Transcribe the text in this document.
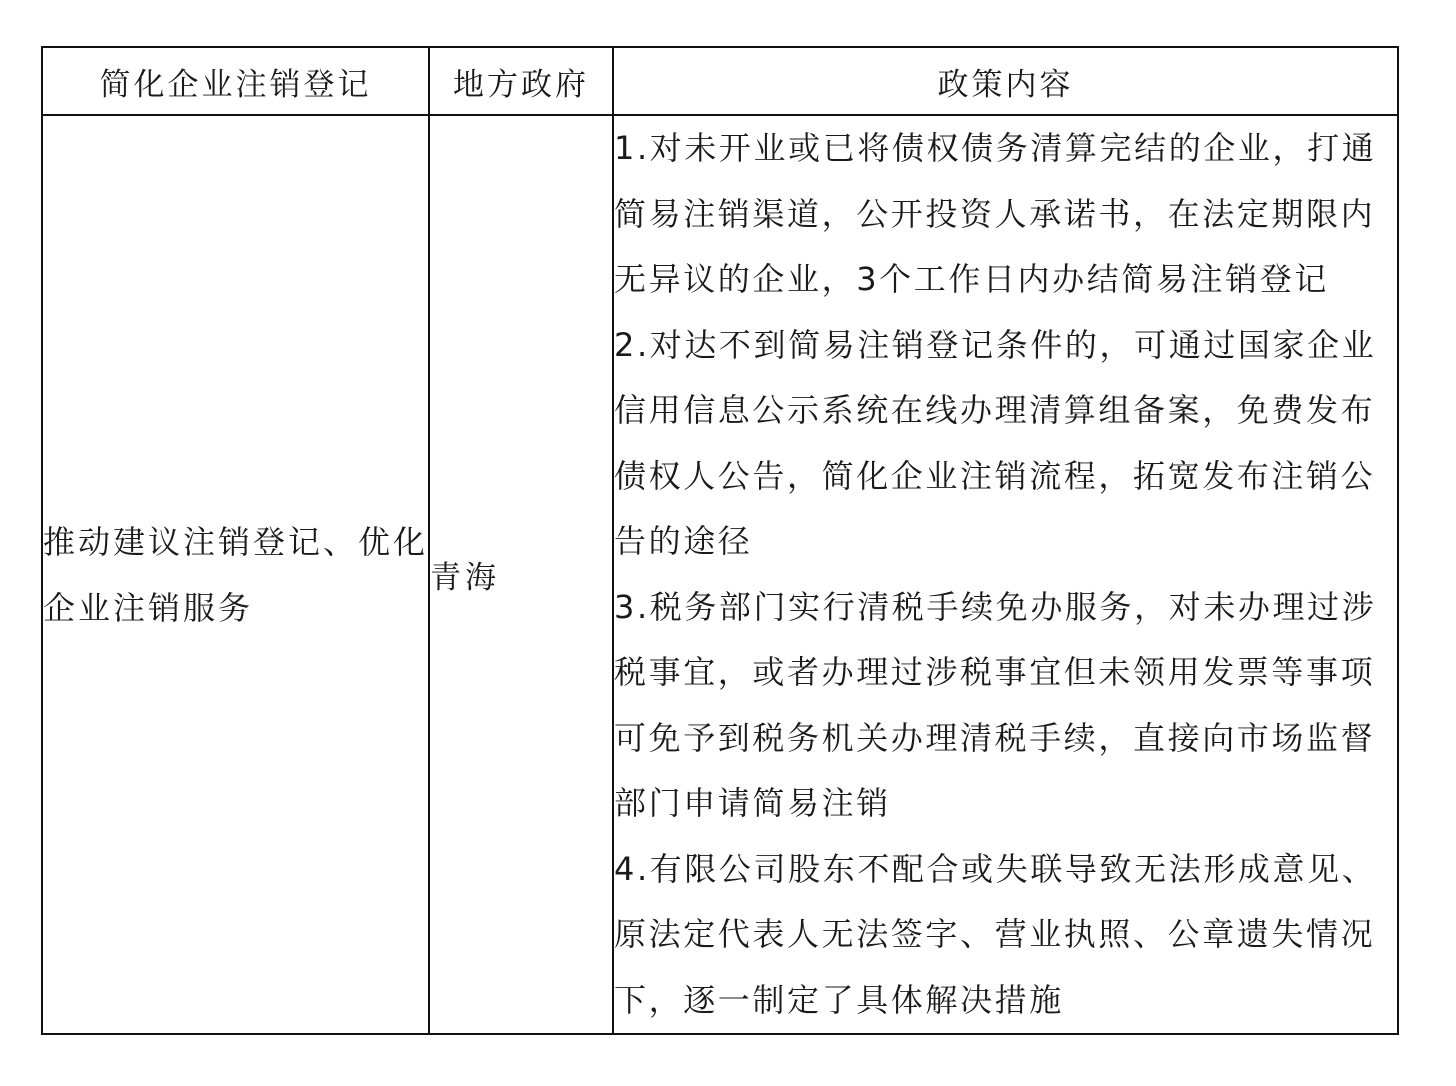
简化企业注销登记	地方政府	政策内容
推动建议注销登记、优化企业注销服务	青海	1.对未开业或已将债权债务清算完结的企业，打通简易注销渠道，公开投资人承诺书，在法定期限内无异议的企业，3个工作日内办结简易注销登记
2.对达不到简易注销登记条件的，可通过国家企业信用信息公示系统在线办理清算组备案，免费发布债权人公告，简化企业注销流程，拓宽发布注销公告的途径
3.税务部门实行清税手续免办服务，对未办理过涉税事宜，或者办理过涉税事宜但未领用发票等事项可免予到税务机关办理清税手续，直接向市场监督部门申请简易注销
4.有限公司股东不配合或失联导致无法形成意见、原法定代表人无法签字、营业执照、公章遗失情况下，逐一制定了具体解决措施
